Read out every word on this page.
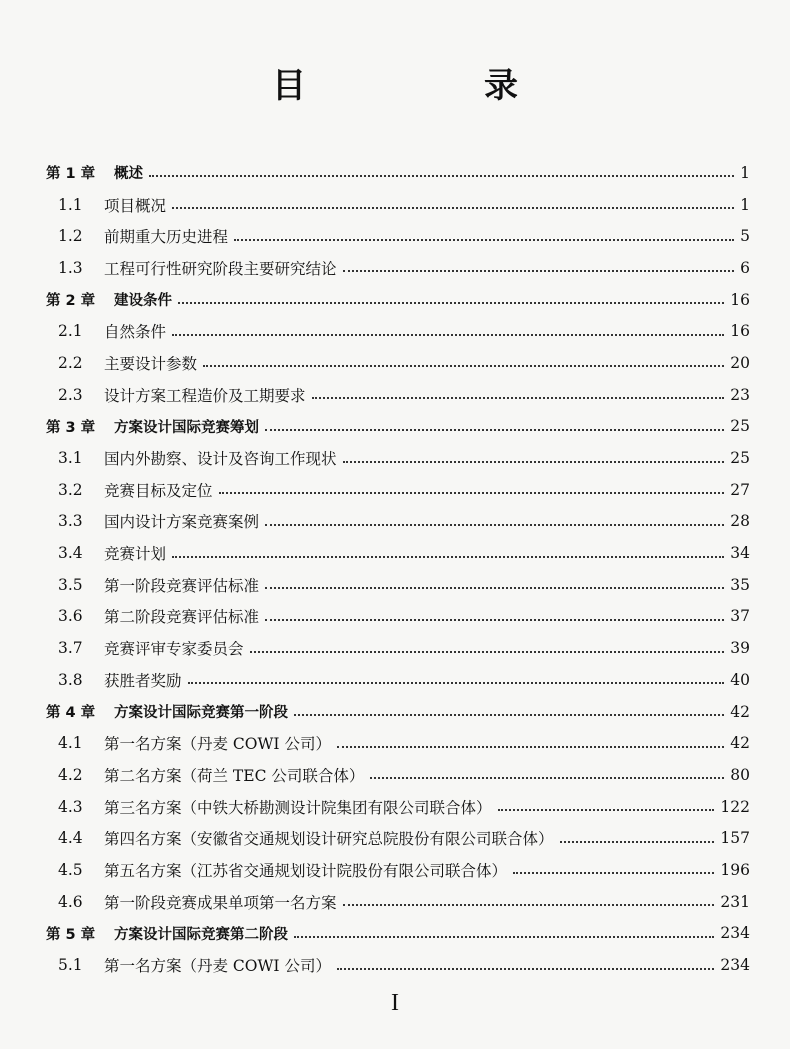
目　录
第 1 章	概述	1
1.1	项目概况	1
1.2	前期重大历史进程	5
1.3	工程可行性研究阶段主要研究结论	6
第 2 章	建设条件	16
2.1	自然条件	16
2.2	主要设计参数	20
2.3	设计方案工程造价及工期要求	23
第 3 章	方案设计国际竞赛筹划	25
3.1	国内外勘察、设计及咨询工作现状	25
3.2	竞赛目标及定位	27
3.3	国内设计方案竞赛案例	28
3.4	竞赛计划	34
3.5	第一阶段竞赛评估标准	35
3.6	第二阶段竞赛评估标准	37
3.7	竞赛评审专家委员会	39
3.8	获胜者奖励	40
第 4 章	方案设计国际竞赛第一阶段	42
4.1	第一名方案（丹麦 COWI 公司）	42
4.2	第二名方案（荷兰 TEC 公司联合体）	80
4.3	第三名方案（中铁大桥勘测设计院集团有限公司联合体）	122
4.4	第四名方案（安徽省交通规划设计研究总院股份有限公司联合体）	157
4.5	第五名方案（江苏省交通规划设计院股份有限公司联合体）	196
4.6	第一阶段竞赛成果单项第一名方案	231
第 5 章	方案设计国际竞赛第二阶段	234
5.1	第一名方案（丹麦 COWI 公司）	234
I
